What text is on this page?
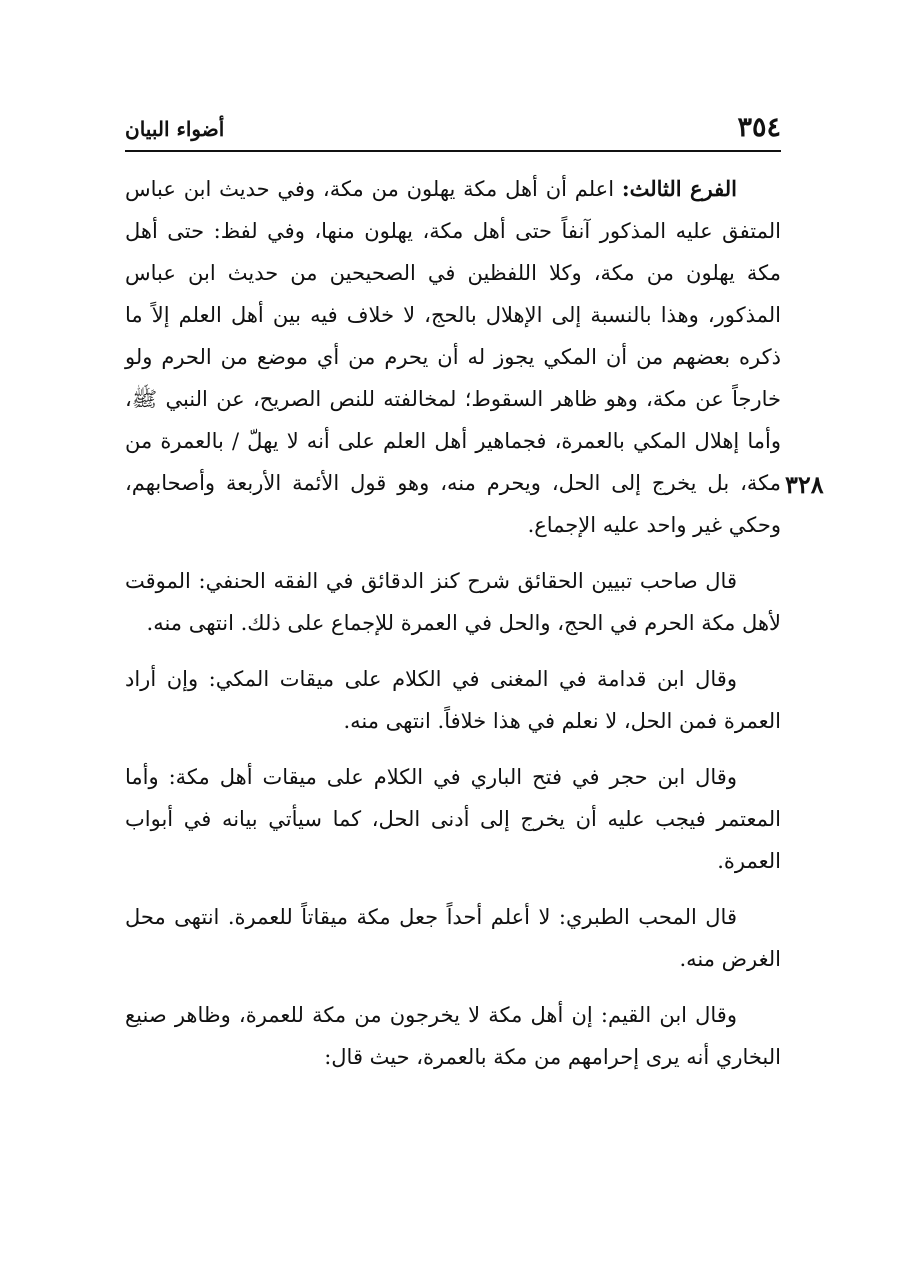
٣٥٤
أضواء البيان
٣٢٨

الفرع الثالث: اعلم أن أهل مكة يهلون من مكة، وفي حديث ابن عباس المتفق عليه المذكور آنفاً حتى أهل مكة، يهلون منها، وفي لفظ: حتى أهل مكة يهلون من مكة، وكلا اللفظين في الصحيحين من حديث ابن عباس المذكور، وهذا بالنسبة إلى الإهلال بالحج، لا خلاف فيه بين أهل العلم إلاً ما ذكره بعضهم من أن المكي يجوز له أن يحرم من أي موضع من الحرم ولو خارجاً عن مكة، وهو ظاهر السقوط؛ لمخالفته للنص الصريح، عن النبي ﷺ، وأما إهلال المكي بالعمرة، فجماهير أهل العلم على أنه لا يهلّ / بالعمرة من مكة، بل يخرج إلى الحل، ويحرم منه، وهو قول الأئمة الأربعة وأصحابهم، وحكي غير واحد عليه الإجماع.

قال صاحب تبيين الحقائق شرح كنز الدقائق في الفقه الحنفي: الموقت لأهل مكة الحرم في الحج، والحل في العمرة للإجماع على ذلك. انتهى منه.

وقال ابن قدامة في المغنى في الكلام على ميقات المكي: وإن أراد العمرة فمن الحل، لا نعلم في هذا خلافاً. انتهى منه.

وقال ابن حجر في فتح الباري في الكلام على ميقات أهل مكة: وأما المعتمر فيجب عليه أن يخرج إلى أدنى الحل، كما سيأتي بيانه في أبواب العمرة.

قال المحب الطبري: لا أعلم أحداً جعل مكة ميقاتاً للعمرة. انتهى محل الغرض منه.

وقال ابن القيم: إن أهل مكة لا يخرجون من مكة للعمرة، وظاهر صنيع البخاري أنه يرى إحرامهم من مكة بالعمرة، حيث قال:
